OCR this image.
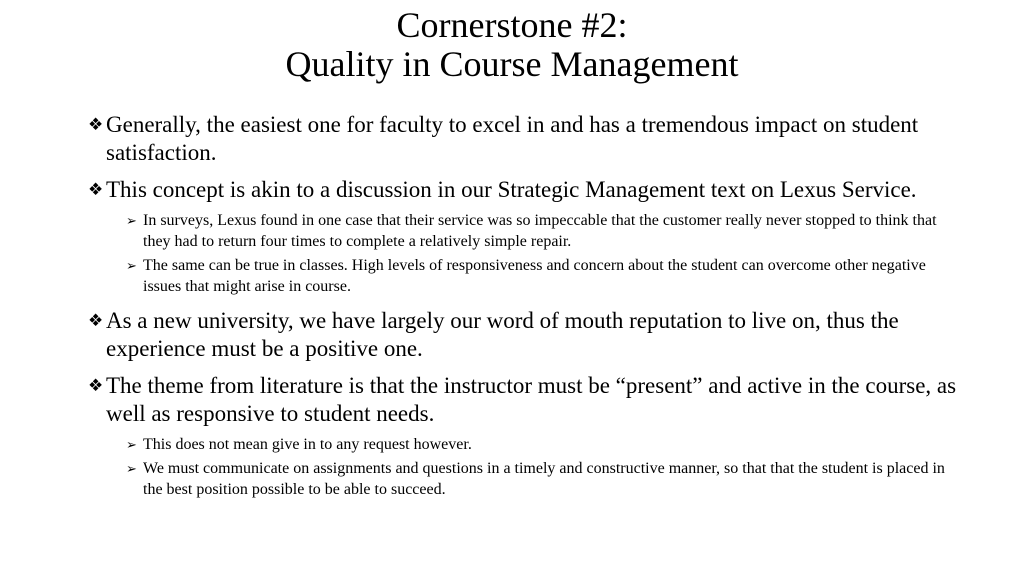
Cornerstone #2:
Quality in Course Management
❖ Generally, the easiest one for faculty to excel in and has a tremendous impact on student satisfaction.
❖ This concept is akin to a discussion in our Strategic Management text on Lexus Service.
➢ In surveys, Lexus found in one case that their service was so impeccable that the customer really never stopped to think that they had to return four times to complete a relatively simple repair.
➢ The same can be true in classes. High levels of responsiveness and concern about the student can overcome other negative issues that might arise in course.
❖ As a new university, we have largely our word of mouth reputation to live on, thus the experience must be a positive one.
❖ The theme from literature is that the instructor must be “present” and active in the course, as well as responsive to student needs.
➢ This does not mean give in to any request however.
➢ We must communicate on assignments and questions in a timely and constructive manner, so that that the student is placed in the best position possible to be able to succeed.
